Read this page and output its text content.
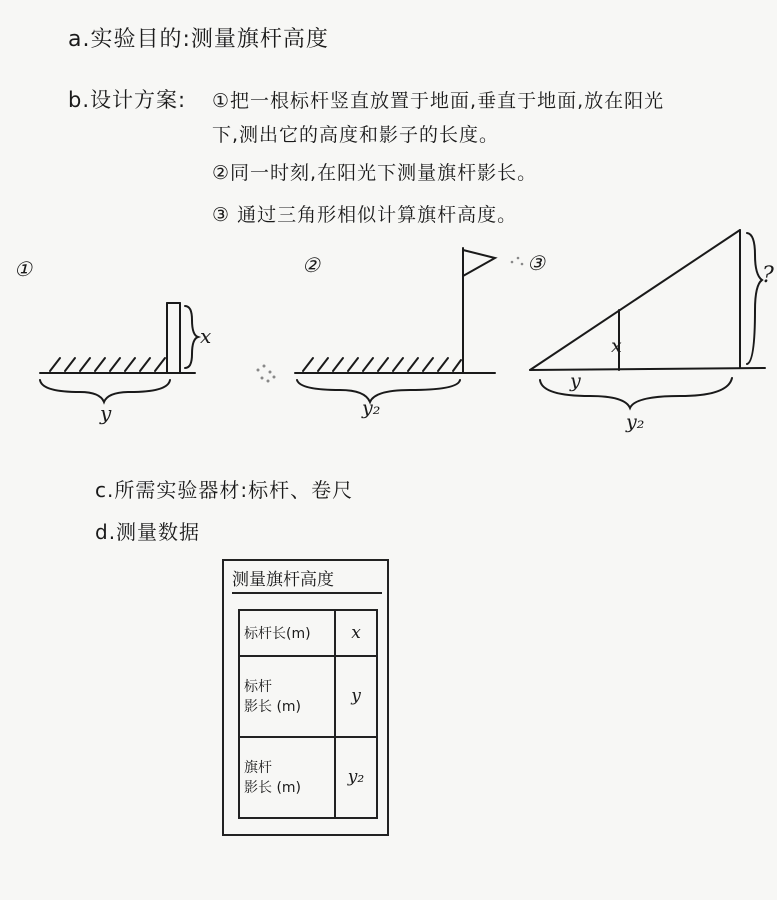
a.实验目的:测量旗杆高度
b.设计方案: ①把一根标杆竖直放置于地面,垂直于地面,放在阳光
下,测出它的高度和影子的长度。
②同一时刻,在阳光下测量旗杆影长。
③ 通过三角形相似计算旗杆高度。
①
x
y
②
y₂
③	?
x
y
y₂
c.所需实验器材:标杆、卷尺
d.测量数据
测量旗杆高度
标杆长(m)	x

标杆
影长 (m)	y

旗杆
影长 (m)	y₂
